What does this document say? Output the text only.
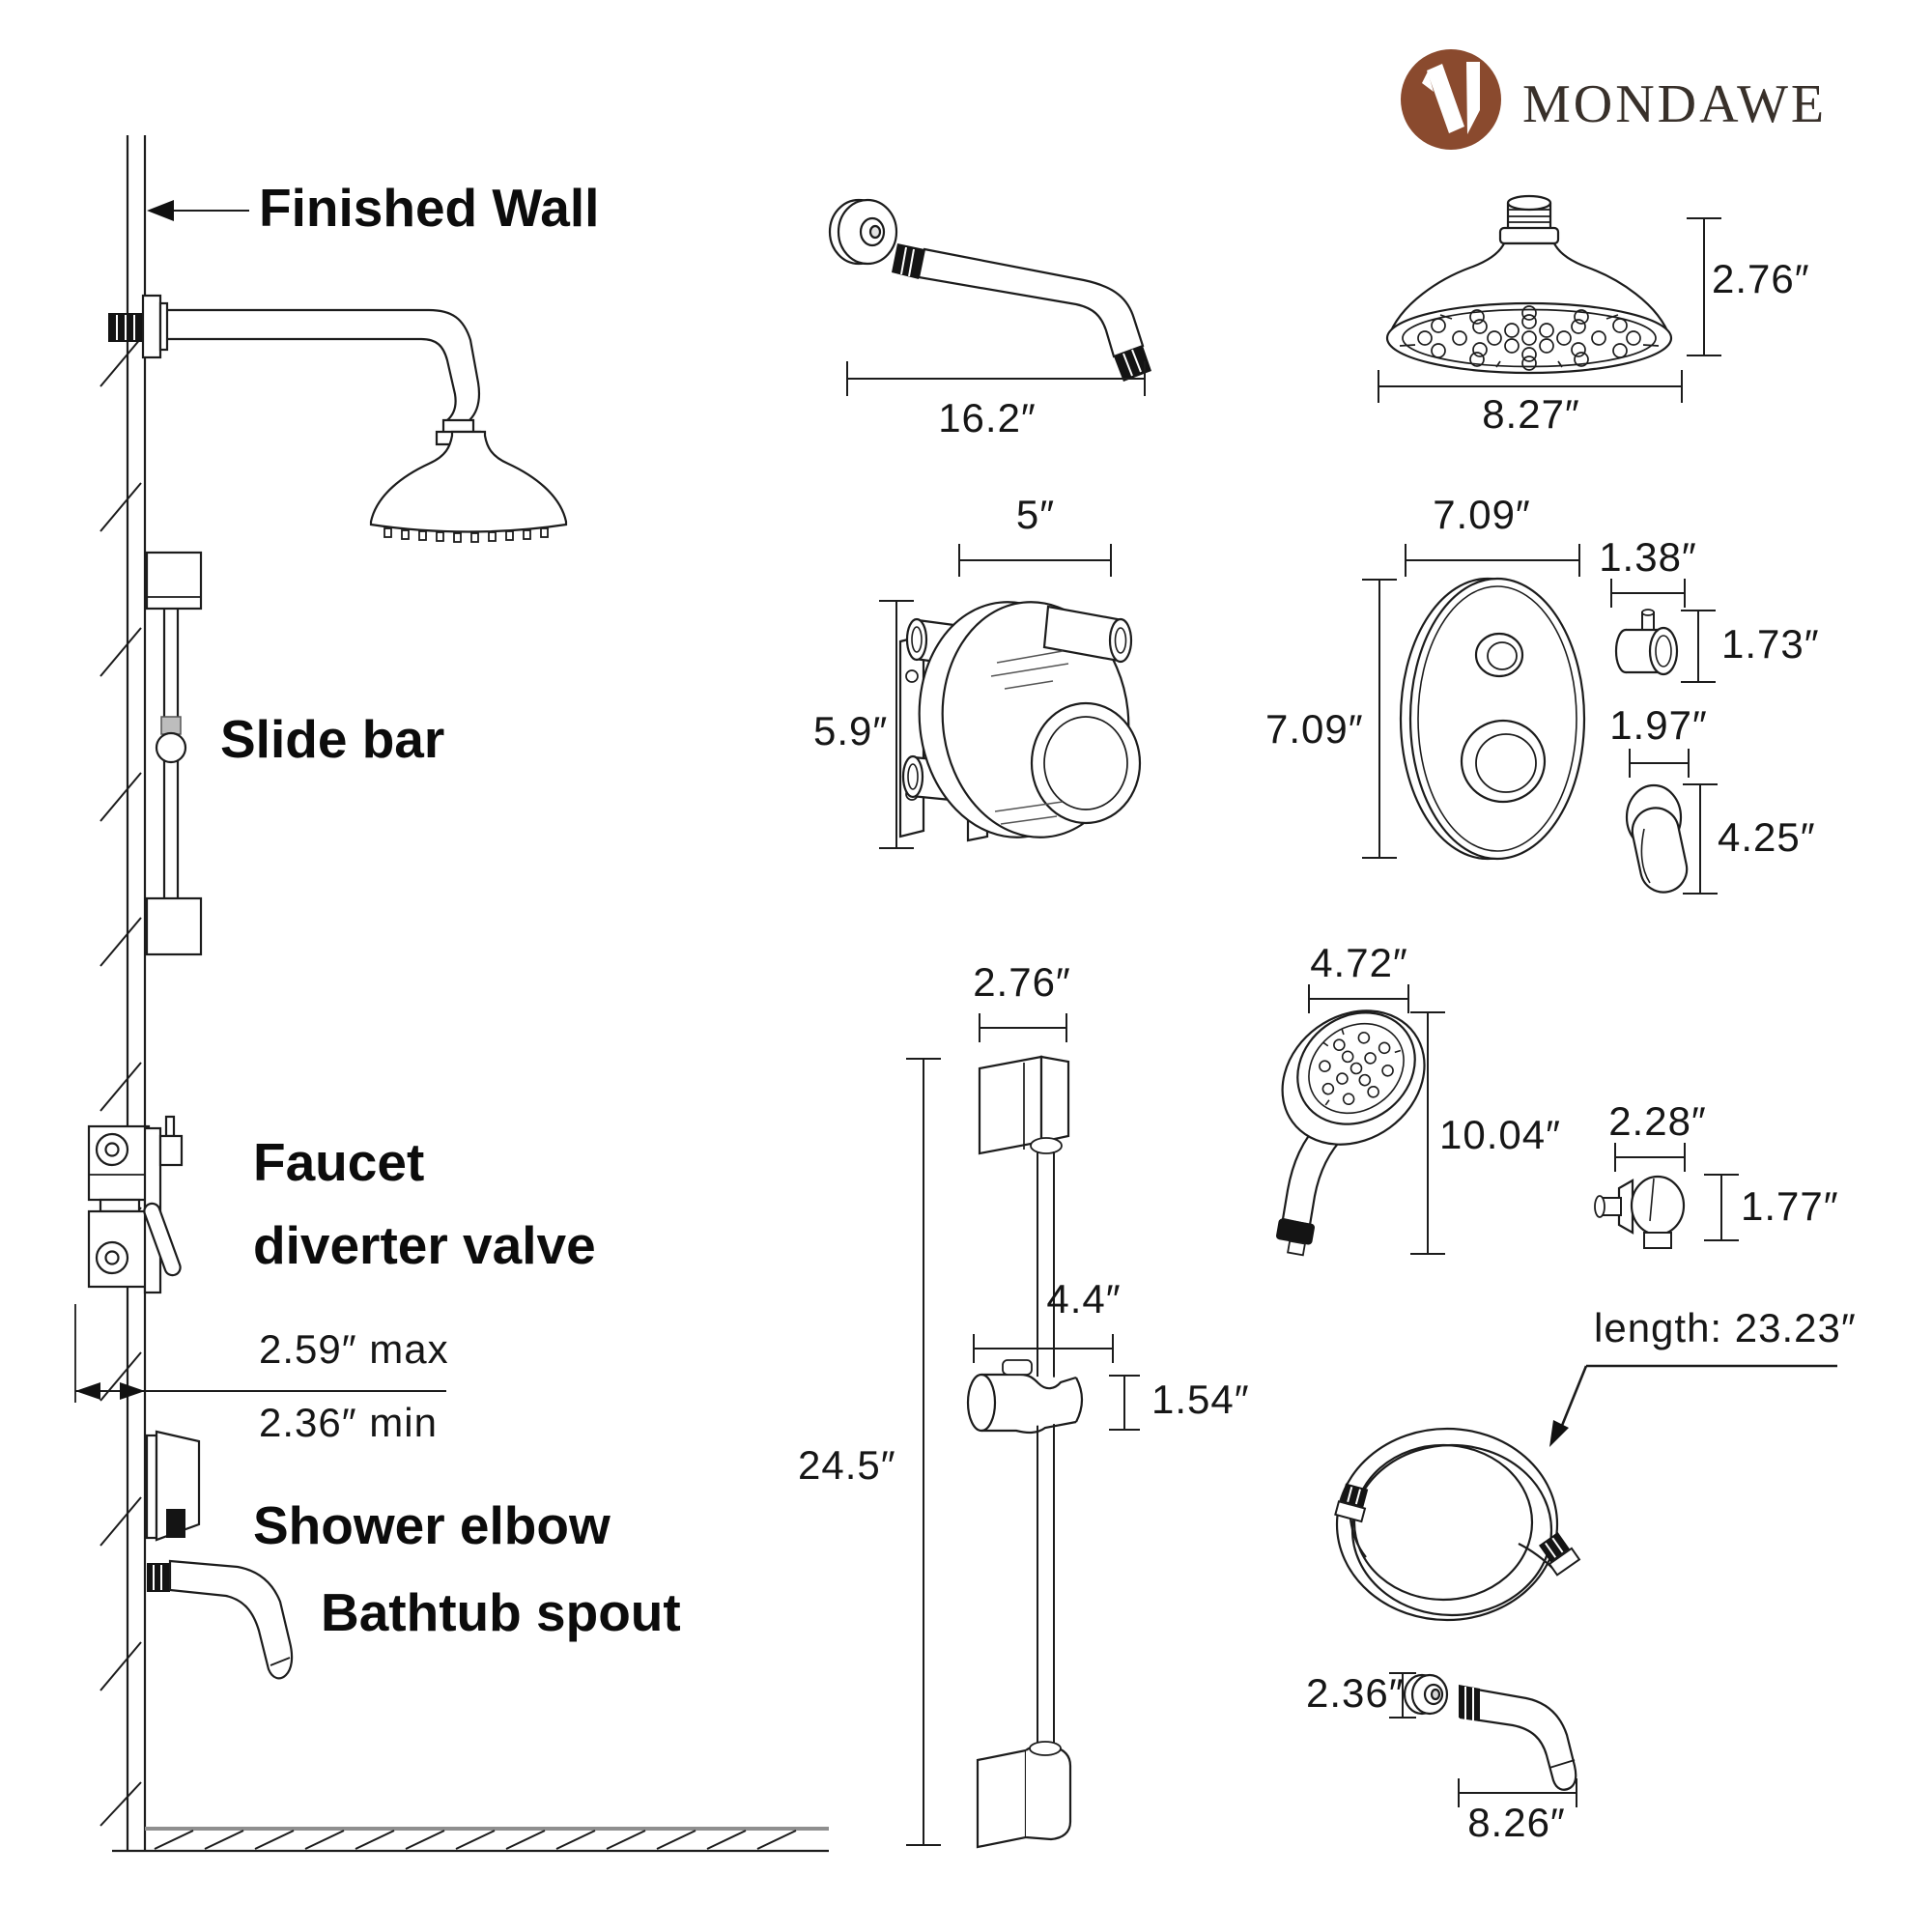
Finished Wall
Slide bar
Faucet
diverter valve
2.59″ max
2.36″ min
Shower elbow
Bathtub spout
16.2″
2.76″
8.27″
5″
5.9″
7.09″
7.09″
1.38″
1.73″
1.97″
4.25″
2.76″
4.4″
1.54″
24.5″
4.72″
10.04″ 2.28″
1.77″
length: 23.23″
2.36″
8.26″
MONDAWE
